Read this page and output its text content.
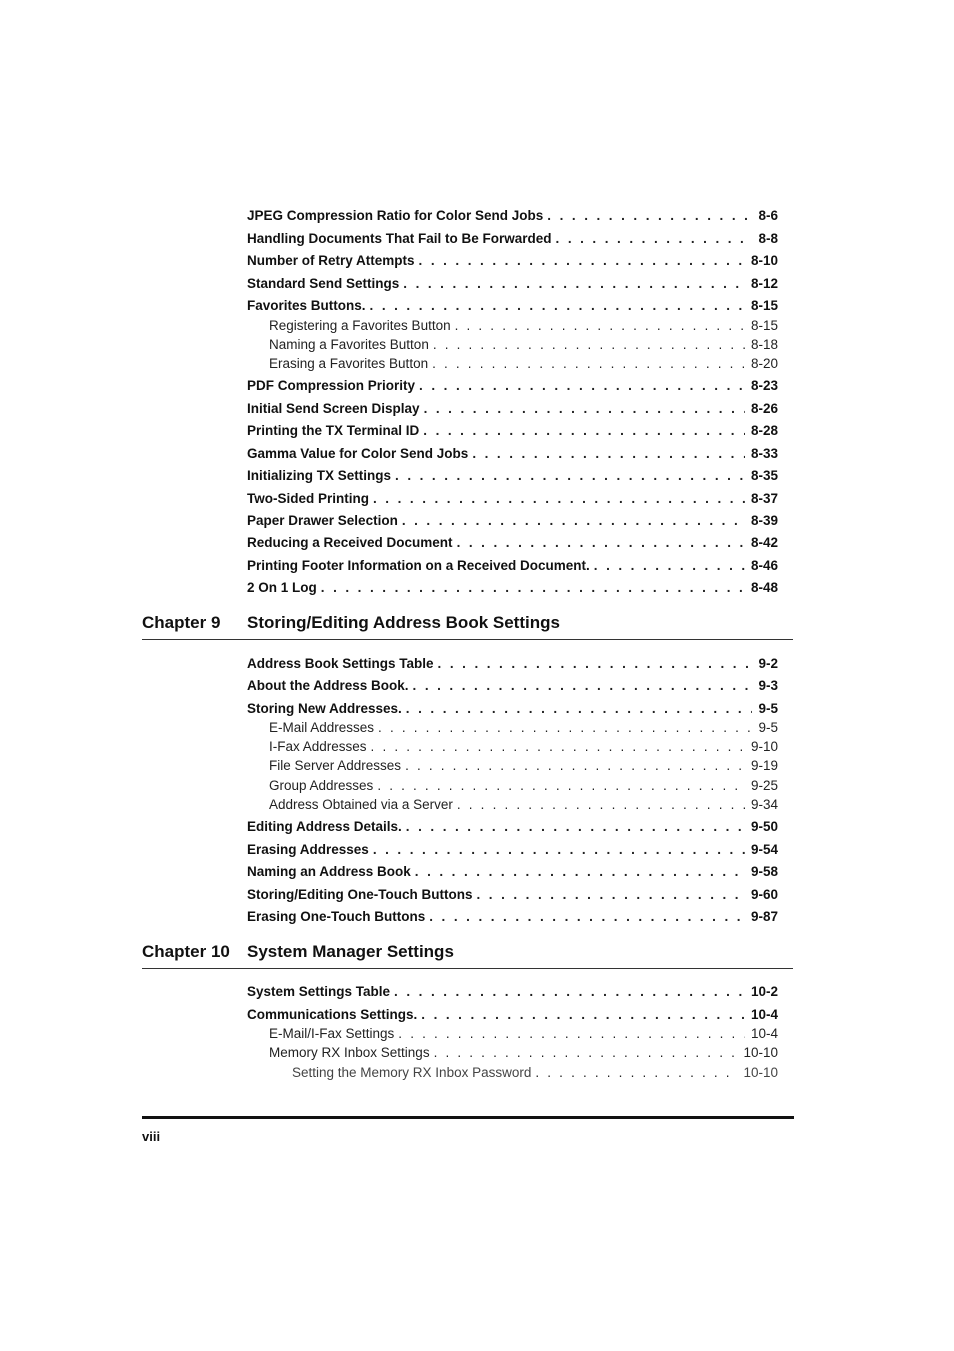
JPEG Compression Ratio for Color Send Jobs . . .	8-6
Handling Documents That Fail to Be Forwarded . . .	8-8
Number of Retry Attempts . . .	8-10
Standard Send Settings . . .	8-12
Favorites Buttons. . . .	8-15
Registering a Favorites Button . . .	8-15
Naming a Favorites Button . . .	8-18
Erasing a Favorites Button . . .	8-20
PDF Compression Priority . . .	8-23
Initial Send Screen Display . . .	8-26
Printing the TX Terminal ID . . .	8-28
Gamma Value for Color Send Jobs . . .	8-33
Initializing TX Settings . . .	8-35
Two-Sided Printing . . .	8-37
Paper Drawer Selection . . .	8-39
Reducing a Received Document . . .	8-42
Printing Footer Information on a Received Document. . . .	8-46
2 On 1 Log . . .	8-48
Chapter 9 Storing/Editing Address Book Settings
Address Book Settings Table . . .	9-2
About the Address Book. . . .	9-3
Storing New Addresses. . . .	9-5
E-Mail Addresses . . .	9-5
I-Fax Addresses . . .	9-10
File Server Addresses . . .	9-19
Group Addresses . . .	9-25
Address Obtained via a Server . . .	9-34
Editing Address Details. . . .	9-50
Erasing Addresses . . .	9-54
Naming an Address Book . . .	9-58
Storing/Editing One-Touch Buttons . . .	9-60
Erasing One-Touch Buttons . . .	9-87
Chapter 10 System Manager Settings
System Settings Table . . .	10-2
Communications Settings. . . .	10-4
E-Mail/I-Fax Settings . . .	10-4
Memory RX Inbox Settings . . .	10-10
Setting the Memory RX Inbox Password . . .	10-10
viii
